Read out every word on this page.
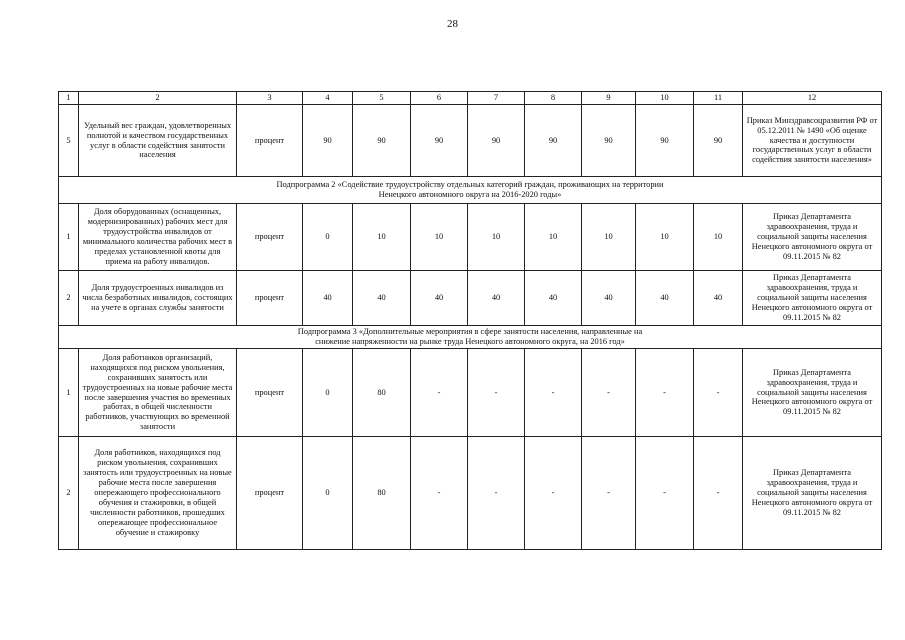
28
1	2	3	4	5	6	7	8	9	10	11	12
5	Удельный вес граждан, удовлетворенных полнотой и качеством государственных услуг в области содействия занятости населения	процент	90	90	90	90	90	90	90	90	Приказ Минздравсоцразвития РФ от 05.12.2011 № 1490 «Об оценке качества и доступности государственных услуг в области содействия занятости населения»

Подпрограмма 2 «Содействие трудоустройству отдельных категорий граждан, проживающих на территории
Ненецкого автономного округа на 2016-2020 годы»											

1	Доля оборудованных (оснащенных, модернизированных) рабочих мест для трудоустройства инвалидов от минимального количества рабочих мест в пределах установленной квоты для приема на работу инвалидов.	процент	0	10	10	10	10	10	10	10	Приказ Департамента здравоохранения, труда и социальной защиты населения Ненецкого автономного округа от 09.11.2015 № 82
2	Доля трудоустроенных инвалидов из числа безработных инвалидов, состоящих на учете в органах службы занятости	процент	40	40	40	40	40	40	40	40	Приказ Департамента здравоохранения, труда и социальной защиты населения Ненецкого автономного округа от 09.11.2015 № 82

Подпрограмма 3 «Дополнительные мероприятия в сфере занятости населения, направленные на
снижение напряженности на рынке труда Ненецкого автономного округа, на 2016 год»											

1	Доля работников организаций, находящихся под риском увольнения, сохранивших занятость или трудоустроенных на новые рабочие места после завершения участия во временных работах, в общей численности работников, участвующих во временной занятости	процент	0	80	-	-	-	-	-	-	Приказ Департамента здравоохранения, труда и социальной защиты населения Ненецкого автономного округа от 09.11.2015 № 82
2	Доля работников, находящихся под риском увольнения, сохранивших занятость или трудоустроенных на новые рабочие места после завершения опережающего профессионального обучения и стажировки, в общей численности работников, прошедших опережающее профессиональное обучение и стажировку	процент	0	80	-	-	-	-	-	-	Приказ Департамента здравоохранения, труда и социальной защиты населения Ненецкого автономного округа от 09.11.2015 № 82
